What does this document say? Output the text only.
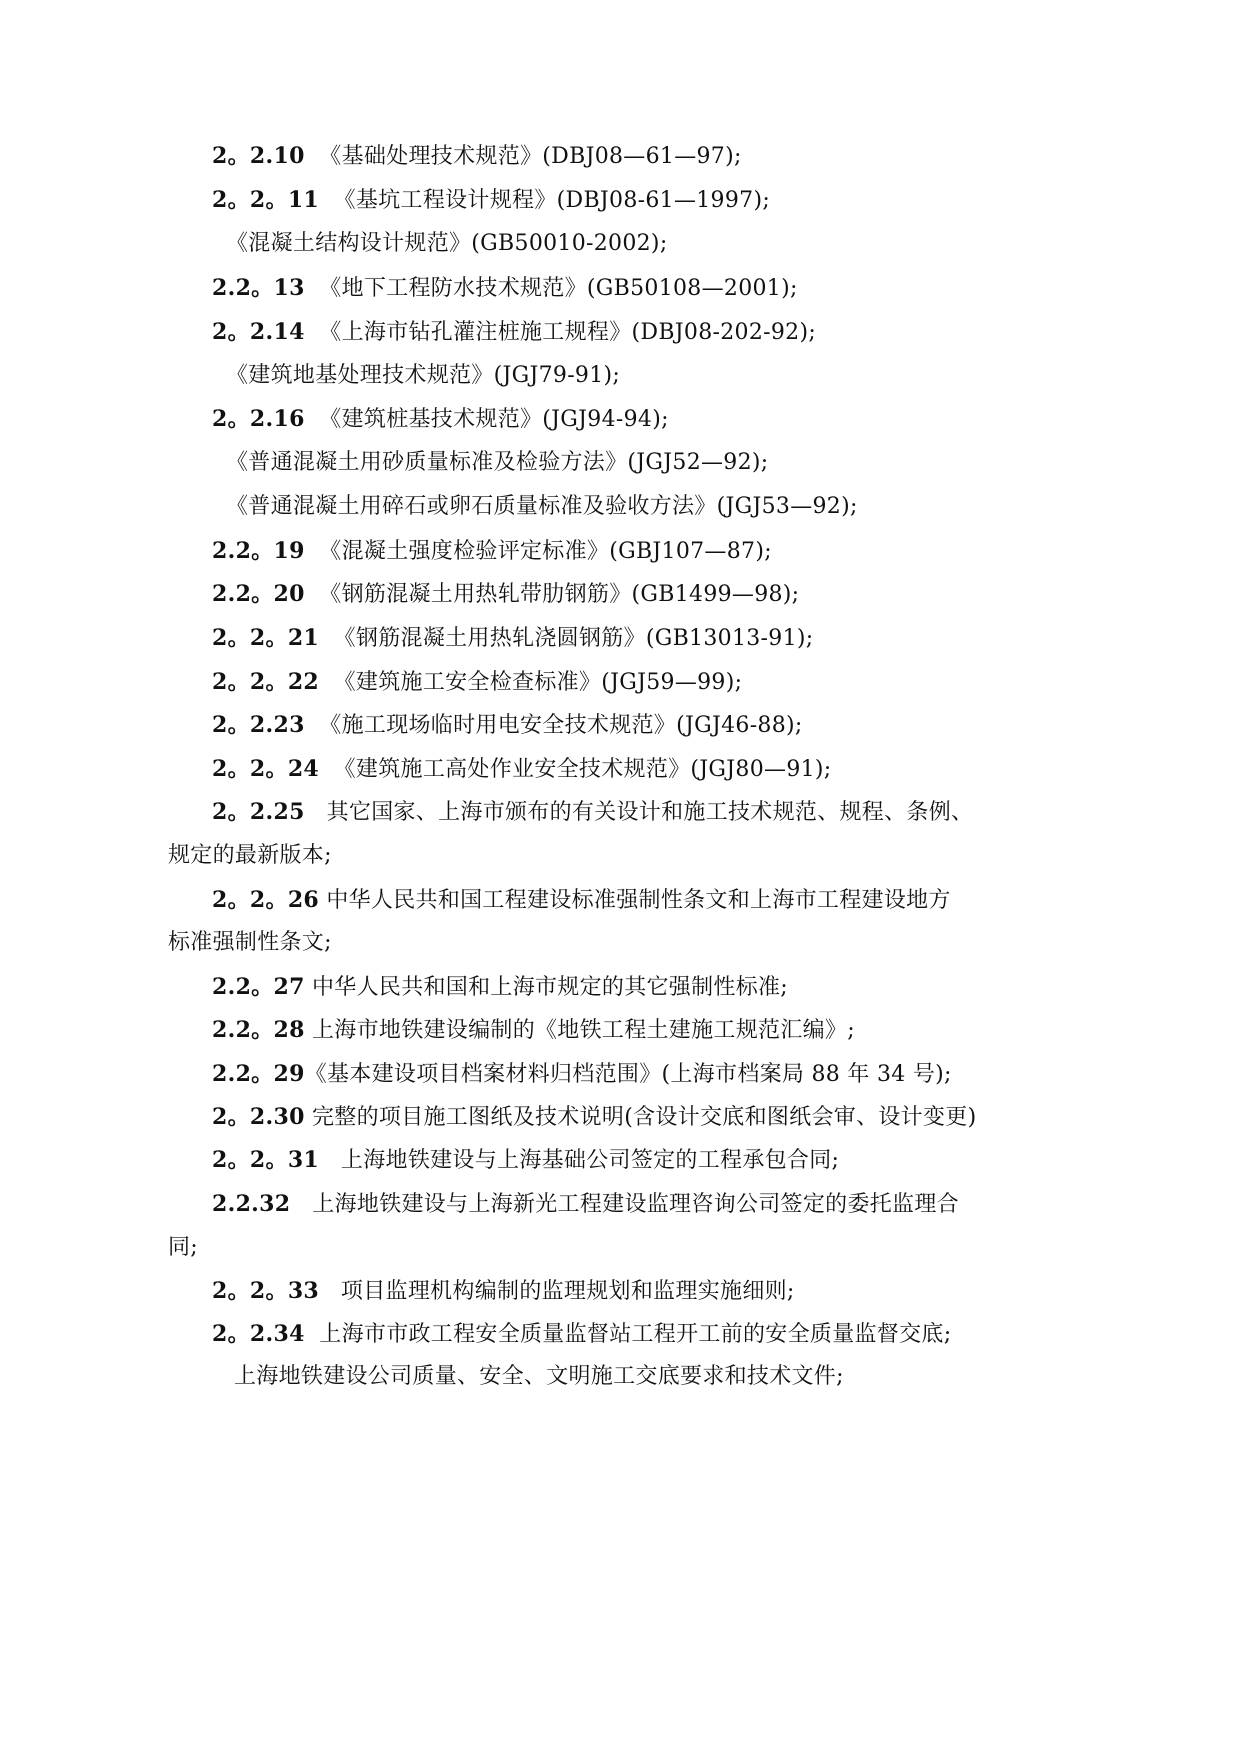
2。2.10 《基础处理技术规范》(DBJ08—61—97);
2。2。11 《基坑工程设计规程》(DBJ08-61—1997);
《混凝土结构设计规范》(GB50010-2002);
2.2。13 《地下工程防水技术规范》(GB50108—2001);
2。2.14 《上海市钻孔灌注桩施工规程》(DBJ08-202-92);
《建筑地基处理技术规范》(JGJ79-91);
2。2.16 《建筑桩基技术规范》(JGJ94-94);
《普通混凝土用砂质量标准及检验方法》(JGJ52—92);
《普通混凝土用碎石或卵石质量标准及验收方法》(JGJ53—92);
2.2。19 《混凝土强度检验评定标准》(GBJ107—87);
2.2。20 《钢筋混凝土用热轧带肋钢筋》(GB1499—98);
2。2。21 《钢筋混凝土用热轧浇圆钢筋》(GB13013-91);
2。2。22 《建筑施工安全检查标准》(JGJ59—99);
2。2.23 《施工现场临时用电安全技术规范》(JGJ46-88);
2。2。24 《建筑施工高处作业安全技术规范》(JGJ80—91);
2。2.25 其它国家、上海市颁布的有关设计和施工技术规范、规程、条例、
规定的最新版本;
2。2。26 中华人民共和国工程建设标准强制性条文和上海市工程建设地方
标准强制性条文;
2.2。27 中华人民共和国和上海市规定的其它强制性标准;
2.2。28 上海市地铁建设编制的《地铁工程土建施工规范汇编》;
2.2。29《基本建设项目档案材料归档范围》(上海市档案局 88 年 34 号);
2。2.30 完整的项目施工图纸及技术说明(含设计交底和图纸会审、设计变更)
2。2。31 上海地铁建设与上海基础公司签定的工程承包合同;
2.2.32 上海地铁建设与上海新光工程建设监理咨询公司签定的委托监理合
同;
2。2。33 项目监理机构编制的监理规划和监理实施细则;
2。2.34 上海市市政工程安全质量监督站工程开工前的安全质量监督交底;
上海地铁建设公司质量、安全、文明施工交底要求和技术文件;
